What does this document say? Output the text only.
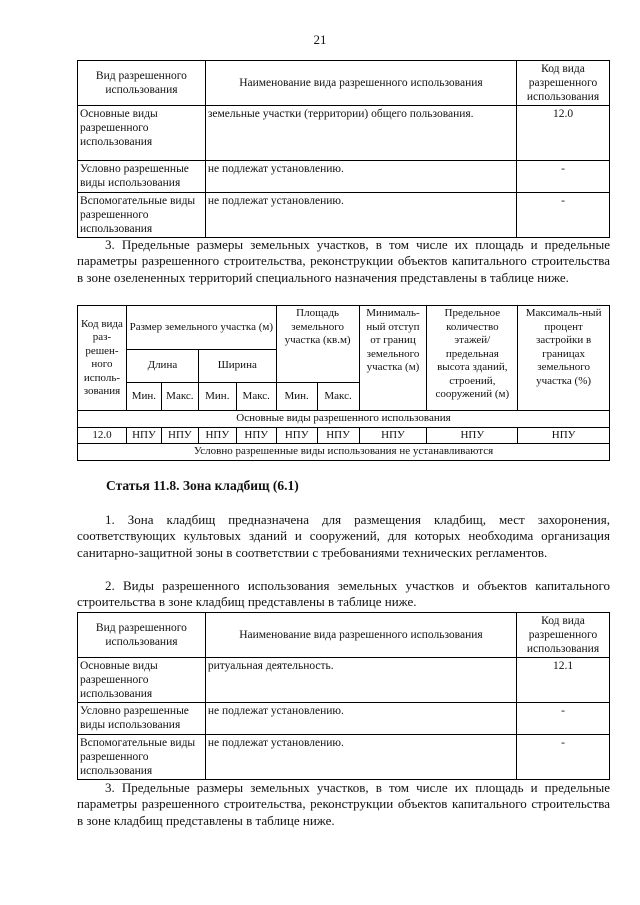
21
Вид разрешенного использования	Наименование вида разрешенного использования	Код вида разрешенного использования
Основные виды разрешенного использования	земельные участки (территории) общего пользования.	12.0
Условно разрешенные виды использования	не подлежат установлению.	-
Вспомогательные виды разрешенного использования	не подлежат установлению.	-
3. Предельные размеры земельных участков, в том числе их площадь и предельные параметры разрешенного строительства, реконструкции объектов капитального строительства в зоне озелененных территорий специального назначения представлены в таблице ниже.
Код вида раз-решен-ного исполь-зования	Размер земельного участка (м)				Площадь земельного участка (кв.м)		Минималь-ный отступ от границ земельного участка (м)	Предельное количество этажей/ предельная высота зданий, строений, сооружений (м)	Максималь-ный процент застройки в границах земельного участка (%)
	Длина		Ширина						
	Мин.	Макс.	Мин.	Макс.	Мин.	Макс.			
Основные виды разрешенного использования									
12.0	НПУ	НПУ	НПУ	НПУ	НПУ	НПУ	НПУ	НПУ	НПУ
Условно разрешенные виды использования не устанавливаются									
Статья 11.8. Зона кладбищ (6.1)
1. Зона кладбищ предназначена для размещения кладбищ, мест захоронения, соответствующих культовых зданий и сооружений, для которых необходима организация санитарно-защитной зоны в соответствии с требованиями технических регламентов.
2. Виды разрешенного использования земельных участков и объектов капитального строительства в зоне кладбищ представлены в таблице ниже.
Вид разрешенного использования	Наименование вида разрешенного использования	Код вида разрешенного использования
Основные виды разрешенного использования	ритуальная деятельность.	12.1
Условно разрешенные виды использования	не подлежат установлению.	-
Вспомогательные виды разрешенного использования	не подлежат установлению.	-
3. Предельные размеры земельных участков, в том числе их площадь и предельные параметры разрешенного строительства, реконструкции объектов капитального строительства в зоне кладбищ представлены в таблице ниже.
